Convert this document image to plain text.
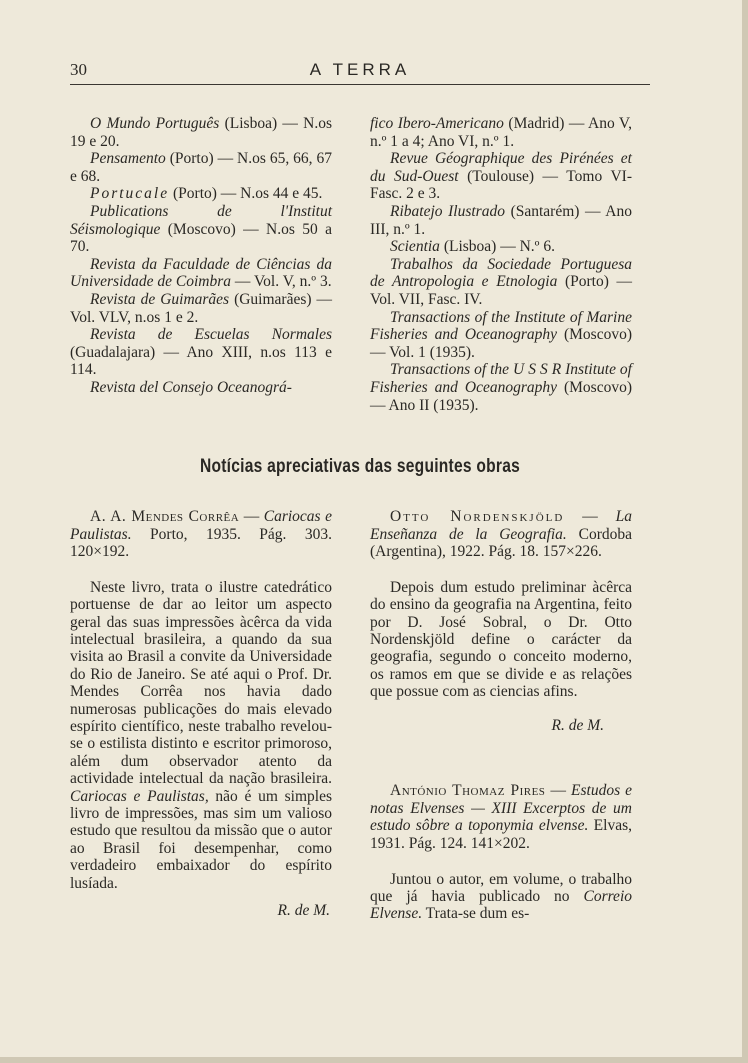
30	A TERRA

O Mundo Português (Lisboa) — N.os 19 e 20.

Pensamento (Porto) — N.os 65, 66, 67 e 68.

Portucale (Porto) — N.os 44 e 45.

Publications de l'Institut Séismologique (Moscovo) — N.os 50 a 70.

Revista da Faculdade de Ciências da Universidade de Coimbra — Vol. V, n.º 3.

Revista de Guimarães (Guimarães) — Vol. VLV, n.os 1 e 2.

Revista de Escuelas Normales (Guadalajara) — Ano XIII, n.os 113 e 114.

Revista del Consejo Oceanográ-

fico Ibero-Americano (Madrid) — Ano V, n.º 1 a 4; Ano VI, n.º 1.

Revue Géographique des Pirénées et du Sud-Ouest (Toulouse) — Tomo VI-Fasc. 2 e 3.

Ribatejo Ilustrado (Santarém) — Ano III, n.º 1.

Scientia (Lisboa) — N.º 6.

Trabalhos da Sociedade Portuguesa de Antropologia e Etnologia (Porto) — Vol. VII, Fasc. IV.

Transactions of the Institute of Marine Fisheries and Oceanography (Moscovo) — Vol. 1 (1935).

Transactions of the U S S R Institute of Fisheries and Oceanography (Moscovo) — Ano II (1935).

Notícias apreciativas das seguintes obras

A. A. Mendes Corrêa — Cariocas e Paulistas. Porto, 1935. Pág. 303. 120×192.

Neste livro, trata o ilustre catedrático portuense de dar ao leitor um aspecto geral das suas impressões àcêrca da vida intelectual brasileira, a quando da sua visita ao Brasil a convite da Universidade do Rio de Janeiro. Se até aqui o Prof. Dr. Mendes Corrêa nos havia dado numerosas publicações do mais elevado espírito científico, neste trabalho revelou-se o estilista distinto e escritor primoroso, além dum observador atento da actividade intelectual da nação brasileira. Cariocas e Paulistas, não é um simples livro de impressões, mas sim um valioso estudo que resultou da missão que o autor ao Brasil foi desempenhar, como verdadeiro embaixador do espírito lusíada.

R. de M.

Otto Nordenskjöld — La Enseñanza de la Geografia. Cordoba (Argentina), 1922. Pág. 18. 157×226.

Depois dum estudo preliminar àcêrca do ensino da geografia na Argentina, feito por D. José Sobral, o Dr. Otto Nordenskjöld define o carácter da geografia, segundo o conceito moderno, os ramos em que se divide e as relações que possue com as ciencias afins.

R. de M.

António Thomaz Pires — Estudos e notas Elvenses — XIII Excerptos de um estudo sôbre a toponymia elvense. Elvas, 1931. Pág. 124. 141×202.

Juntou o autor, em volume, o trabalho que já havia publicado no Correio Elvense. Trata-se dum es-
